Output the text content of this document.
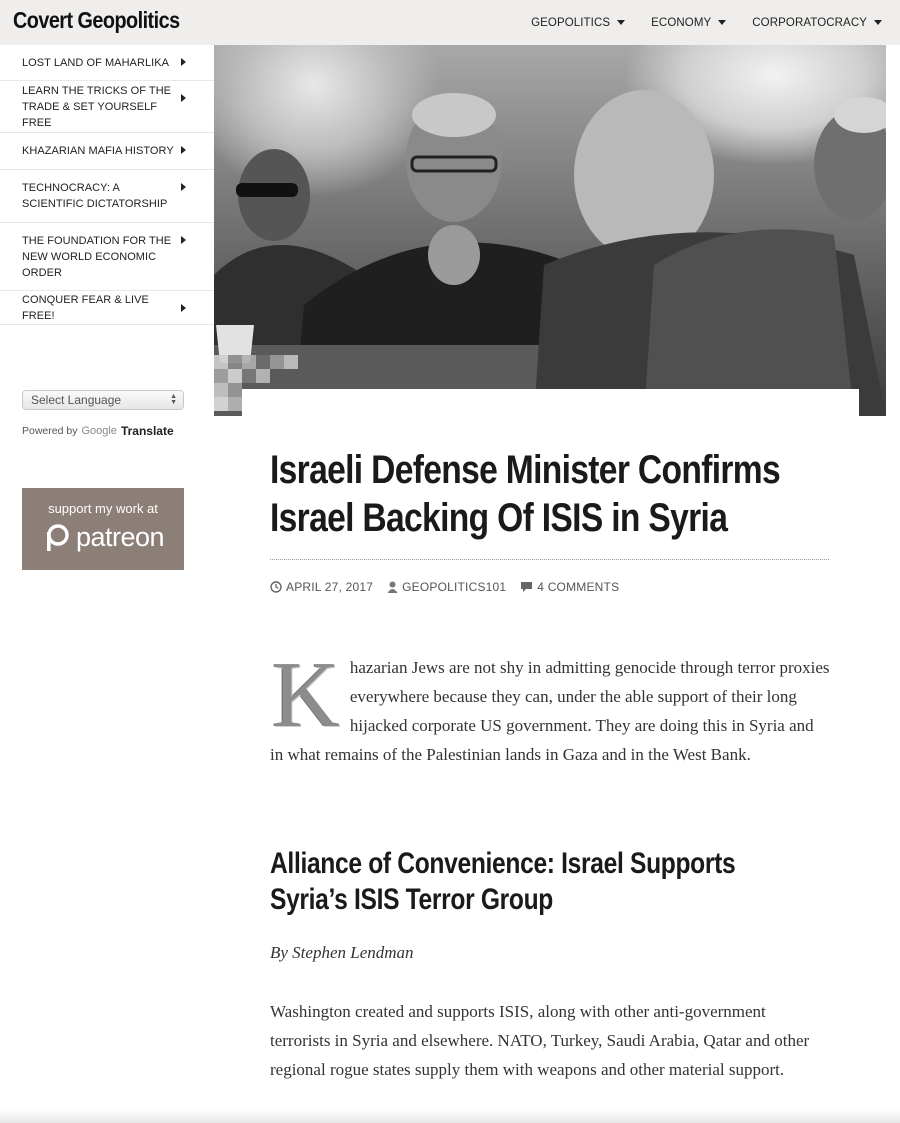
Covert Geopolitics	GEOPOLITICS	ECONOMY	CORPORATOCRACY
LOST LAND OF MAHARLIKA
LEARN THE TRICKS OF THE TRADE & SET YOURSELF FREE
KHAZARIAN MAFIA HISTORY
TECHNOCRACY: A SCIENTIFIC DICTATORSHIP
THE FOUNDATION FOR THE NEW WORLD ECONOMIC ORDER
CONQUER FEAR & LIVE FREE!
Select Language	▲
▼
Powered by Google Translate
support my work at
patreon
Israeli Defense Minister Confirms Israel Backing Of ISIS in Syria
APRIL 27, 2017 GEOPOLITICS101	4 COMMENTS
K hazarian Jews are not shy in admitting genocide through terror proxies everywhere because they can, under the able support of their long hijacked corporate US government. They are doing this in Syria and in what remains of the Palestinian lands in Gaza and in the West Bank.
Alliance of Convenience: Israel Supports Syria’s ISIS Terror Group
By Stephen Lendman

Washington created and supports ISIS, along with other anti-government terrorists in Syria and elsewhere. NATO, Turkey, Saudi Arabia, Qatar and other regional rogue states supply them with weapons and other material support.
